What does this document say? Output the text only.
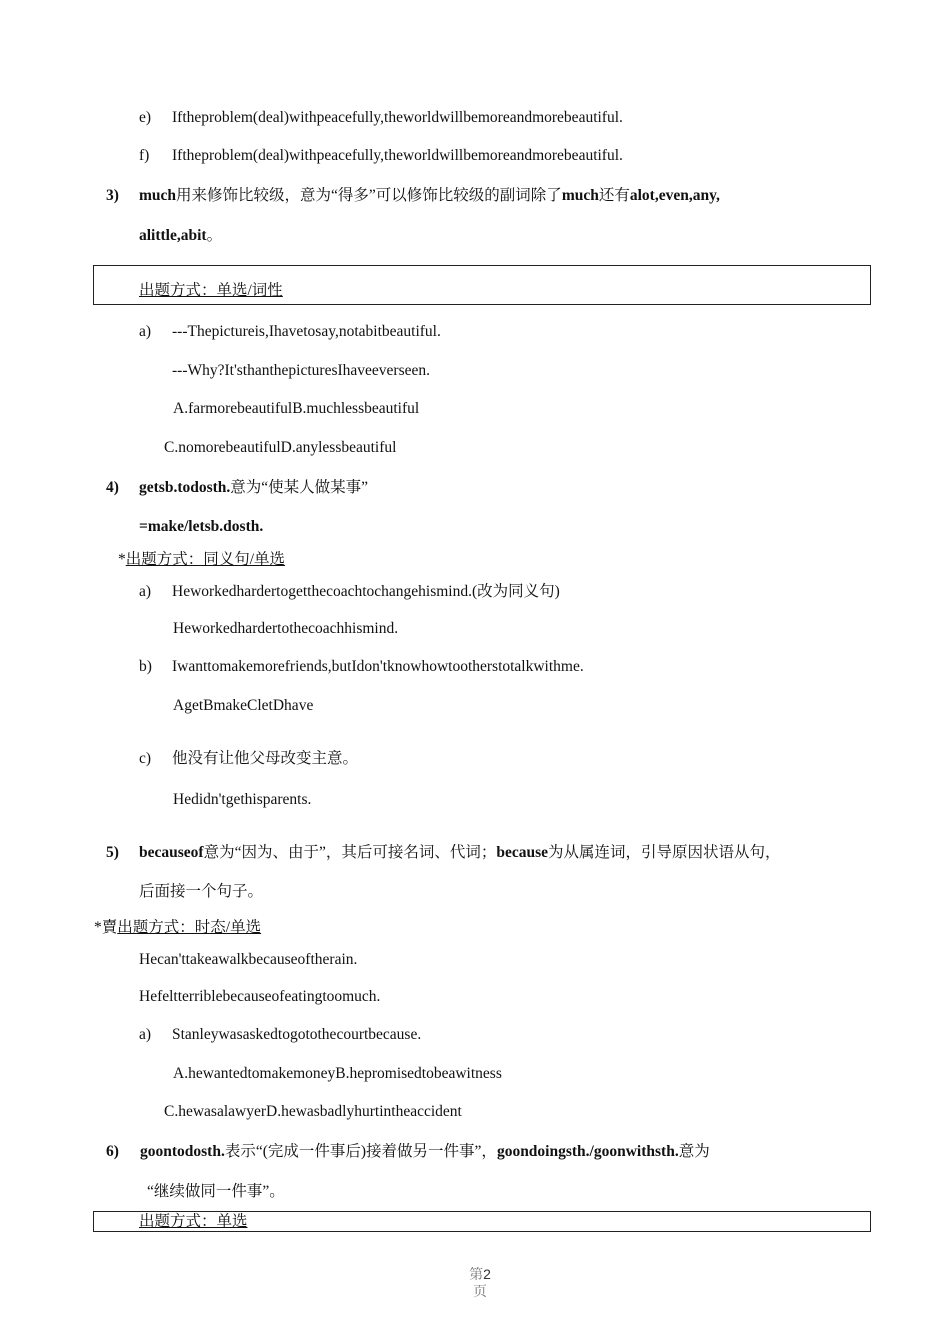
e) Iftheproblem(deal)withpeacefully,theworldwillbemoreandmorebeautiful.
f) Iftheproblem(deal)withpeacefully,theworldwillbemoreandmorebeautiful.
3) much用来修饰比较级，意为“得多”可以修饰比较级的副词除了much还有alot,even,any,
alittle,abit。
出题方式：单选/词性
a) ---Thepictureis,Ihavetosay,notabitbeautiful.
---Why?It'sthanthepicturesIhaveeverseen.
A.farmorebeautifulB.muchlessbeautiful
C.nomorebeautifulD.anylessbeautiful
4) getsb.todosth.意为“使某人做某事”
=make/letsb.dosth.
*出题方式：同义句/单选
a) Heworkedhardertogetthecoachtochangehismind.(改为同义句)
Heworkedhardertothecoachhismind.
b) Iwanttomakemorefriends,butIdon'tknowhowtootherstotalkwithme.
AgetBmakeCletDhave
c) 他没有让他父母改变主意。
Hedidn'tgethisparents.
5) becauseof意为“因为、由于”，其后可接名词、代词；because为从属连词，引导原因状语从句，
后面接一个句子。
*賣出题方式：时态/单选
Hecan'ttakeawalkbecauseoftherain.
Hefeltterriblebecauseofeatingtoomuch.
a) Stanleywasaskedtogotothecourtbecause.
A.hewantedtomakemoneyB.hepromisedtobeawitness
C.hewasalawyerD.hewasbadlyhurtintheaccident
6) goontodosth.表示“(完成一件事后)接着做另一件事”，goondoingsth./goonwithsth.意为
“继续做同一件事”。
出题方式：单选
第2
页
